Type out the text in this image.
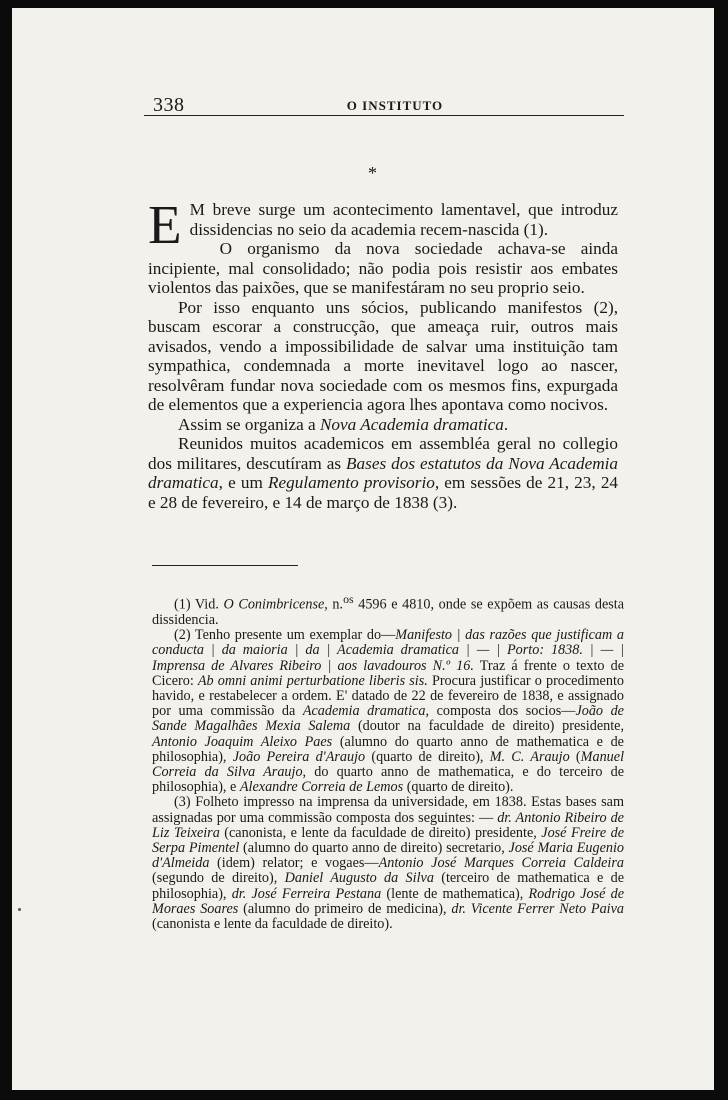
338	O INSTITUTO
*

E M breve surge um acontecimento lamentavel, que introduz dissidencias no seio da academia recem-nascida (1).

O organismo da nova sociedade achava-se ainda incipiente, mal consolidado; não podia pois resistir aos embates violentos das paixões, que se manifestáram no seu proprio seio.

Por isso enquanto uns sócios, publicando manifestos (2), buscam escorar a construcção, que ameaça ruir, outros mais avisados, vendo a impossibilidade de salvar uma instituição tam sympathica, condemnada a morte inevitavel logo ao nascer, resolvêram fundar nova sociedade com os mesmos fins, expurgada de elementos que a experiencia agora lhes apontava como nocivos.

Assim se organiza a Nova Academia dramatica.

Reunidos muitos academicos em assembléa geral no collegio dos militares, descutíram as Bases dos estatutos da Nova Academia dramatica, e um Regulamento provisorio, em sessões de 21, 23, 24 e 28 de fevereiro, e 14 de março de 1838 (3).

(1) Vid. O Conimbricense, n.$^{os}$ 4596 e 4810, onde se expõem as causas desta dissidencia.

(2) Tenho presente um exemplar do—Manifesto | das razões que justificam a conducta | da maioria | da | Academia dramatica | — | Porto: 1838. | — | Imprensa de Alvares Ribeiro | aos lavadouros N.º 16. Traz á frente o texto de Cicero: Ab omni animi perturbatione liberis sis. Procura justificar o procedimento havido, e restabelecer a ordem. E' datado de 22 de fevereiro de 1838, e assignado por uma commissão da Academia dramatica, composta dos socios—João de Sande Magalhães Mexia Salema (doutor na faculdade de direito) presidente, Antonio Joaquim Aleixo Paes (alumno do quarto anno de mathematica e de philosophia), João Pereira d'Araujo (quarto de direito), M. C. Araujo (Manuel Correia da Silva Araujo, do quarto anno de mathematica, e do terceiro de philosophia), e Alexandre Correia de Lemos (quarto de direito).

(3) Folheto impresso na imprensa da universidade, em 1838. Estas bases sam assignadas por uma commissão composta dos seguintes: — dr. Antonio Ribeiro de Liz Teixeira (canonista, e lente da faculdade de direito) presidente, José Freire de Serpa Pimentel (alumno do quarto anno de direito) secretario, José Maria Eugenio d'Almeida (idem) relator; e vogaes—Antonio José Marques Correia Caldeira (segundo de direito), Daniel Augusto da Silva (terceiro de mathematica e de philosophia), dr. José Ferreira Pestana (lente de mathematica), Rodrigo José de Moraes Soares (alumno do primeiro de medicina), dr. Vicente Ferrer Neto Paiva (canonista e lente da faculdade de direito).
